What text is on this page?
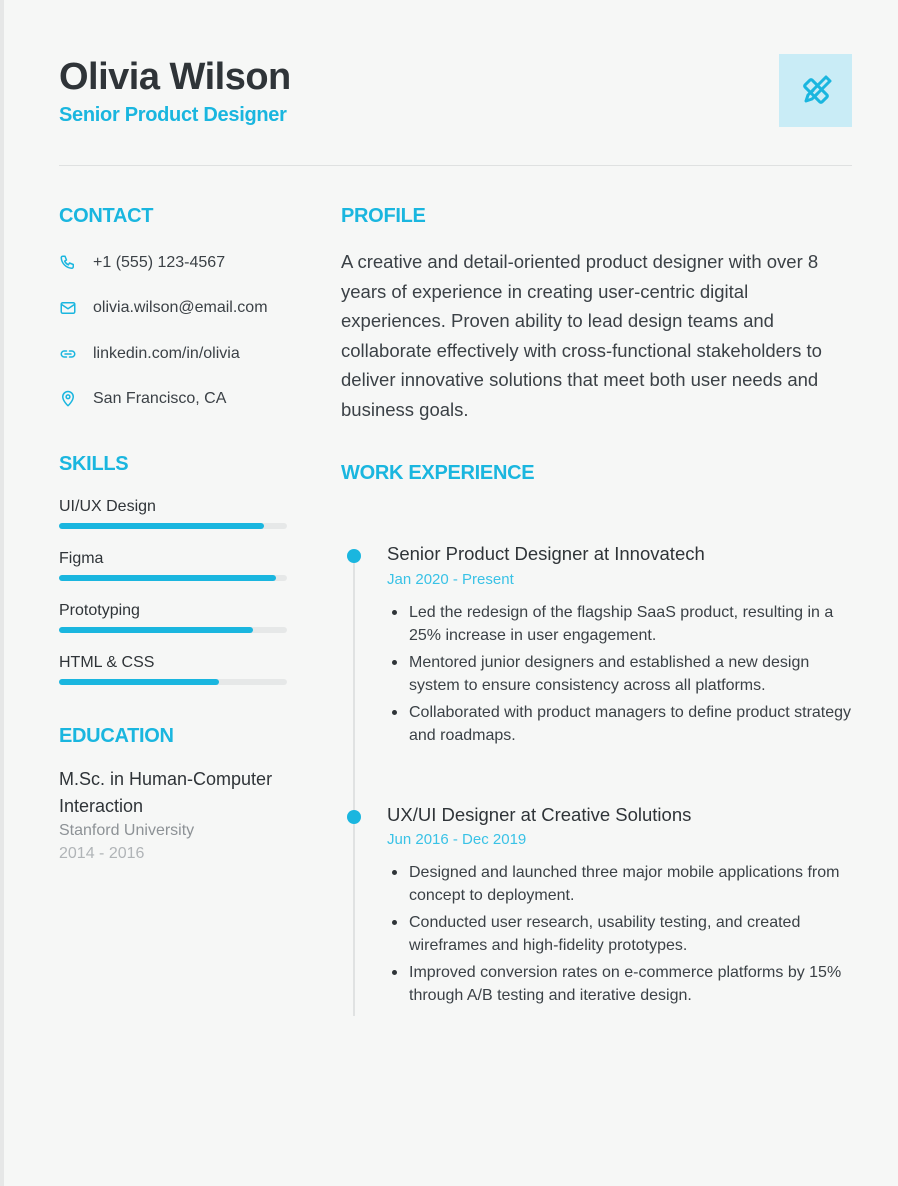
Olivia Wilson
Senior Product Designer
CONTACT
+1 (555) 123-4567
olivia.wilson@email.com
linkedin.com/in/olivia
San Francisco, CA
SKILLS
UI/UX Design
Figma
Prototyping
HTML & CSS
EDUCATION
M.Sc. in Human-Computer Interaction
Stanford University
2014 - 2016
PROFILE

A creative and detail-oriented product designer with over 8 years of experience in creating user-centric digital experiences. Proven ability to lead design teams and collaborate effectively with cross-functional stakeholders to deliver innovative solutions that meet both user needs and business goals.

WORK EXPERIENCE
Senior Product Designer at Innovatech
Jan 2020 - Present
Led the redesign of the flagship SaaS product, resulting in a 25% increase in user engagement.
Mentored junior designers and established a new design system to ensure consistency across all platforms.
Collaborated with product managers to define product strategy and roadmaps.
UX/UI Designer at Creative Solutions
Jun 2016 - Dec 2019
Designed and launched three major mobile applications from concept to deployment.
Conducted user research, usability testing, and created wireframes and high-fidelity prototypes.
Improved conversion rates on e-commerce platforms by 15% through A/B testing and iterative design.
